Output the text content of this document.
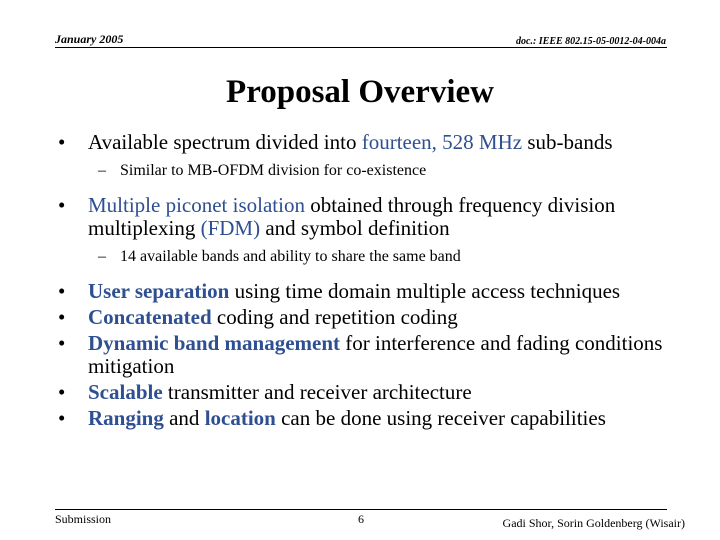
January 2005	doc.: IEEE 802.15-05-0012-04-004a
Proposal Overview
•	Available spectrum divided into fourteen, 528 MHz sub-bands
– Similar to MB-OFDM division for co-existence
•	Multiple piconet isolation obtained through frequency division multiplexing (FDM) and symbol definition
– 14 available bands and ability to share the same band
•	User separation using time domain multiple access techniques
•	Concatenated coding and repetition coding
•	Dynamic band management for interference and fading conditions mitigation
•	Scalable transmitter and receiver architecture
•	Ranging and location can be done using receiver capabilities
Submission	6	Gadi Shor, Sorin Goldenberg (Wisair)
